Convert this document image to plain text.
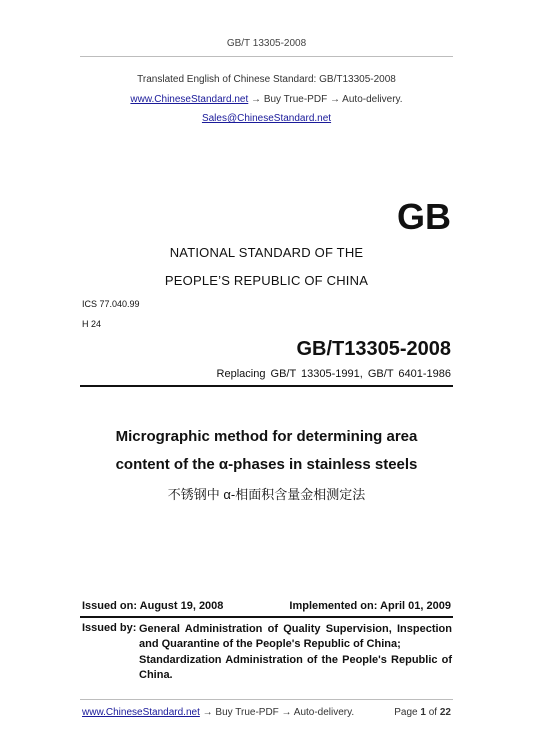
GB/T 13305-2008
Translated English of Chinese Standard: GB/T13305-2008
www.ChineseStandard.net → Buy True-PDF → Auto-delivery.
Sales@ChineseStandard.net
GB
NATIONAL STANDARD OF THE
PEOPLE’S REPUBLIC OF CHINA
ICS 77.040.99
H 24
GB/T13305-2008
Replacing GB/T 13305-1991, GB/T 6401-1986
Micrographic method for determining area
content of the α-phases in stainless steels
不锈钢中 α-相面积含量金相测定法
Issued on: August 19, 2008	Implemented on: April 01, 2009
Issued by: General Administration of Quality Supervision, Inspection and Quarantine of the People's Republic of China;
Standardization Administration of the People's Republic of China.
www.ChineseStandard.net → Buy True-PDF → Auto-delivery.	Page 1 of 22
